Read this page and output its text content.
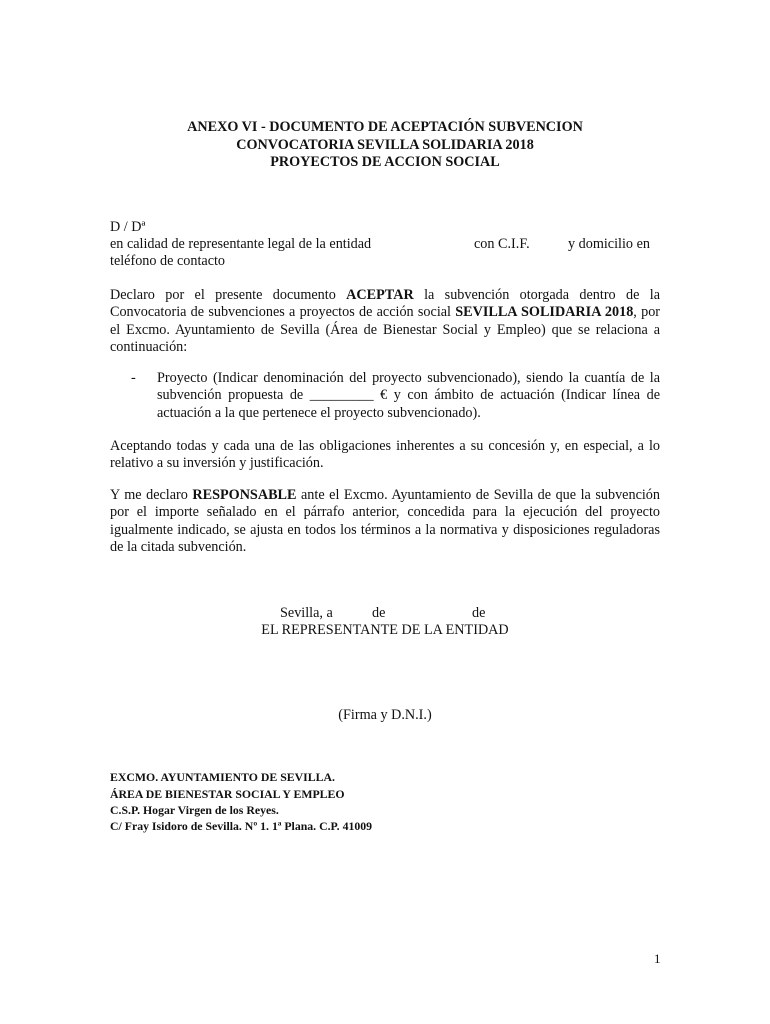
ANEXO VI - DOCUMENTO DE ACEPTACIÓN SUBVENCION
CONVOCATORIA SEVILLA SOLIDARIA 2018
PROYECTOS DE ACCION SOCIAL
D / Dª
en calidad de representante legal de la entidad	con C.I.F.	y domicilio en
teléfono de contacto
Declaro por el presente documento ACEPTAR la subvención otorgada dentro de la Convocatoria de subvenciones a proyectos de acción social SEVILLA SOLIDARIA 2018, por el Excmo. Ayuntamiento de Sevilla (Área de Bienestar Social y Empleo) que se relaciona a continuación:
- Proyecto (Indicar denominación del proyecto subvencionado), siendo la cuantía de la subvención propuesta de _________ € y con ámbito de actuación (Indicar línea de actuación a la que pertenece el proyecto subvencionado).
Aceptando todas y cada una de las obligaciones inherentes a su concesión y, en especial, a lo relativo a su inversión y justificación.
Y me declaro RESPONSABLE ante el Excmo. Ayuntamiento de Sevilla de que la subvención por el importe señalado en el párrafo anterior, concedida para la ejecución del proyecto igualmente indicado, se ajusta en todos los términos a la normativa y disposiciones reguladoras de la citada subvención.
Sevilla, a	de	de
EL REPRESENTANTE DE LA ENTIDAD
(Firma y D.N.I.)
EXCMO. AYUNTAMIENTO DE SEVILLA.
ÁREA DE BIENESTAR SOCIAL Y EMPLEO
C.S.P. Hogar Virgen de los Reyes.
C/ Fray Isidoro de Sevilla. Nº 1. 1ª Plana. C.P. 41009
1
